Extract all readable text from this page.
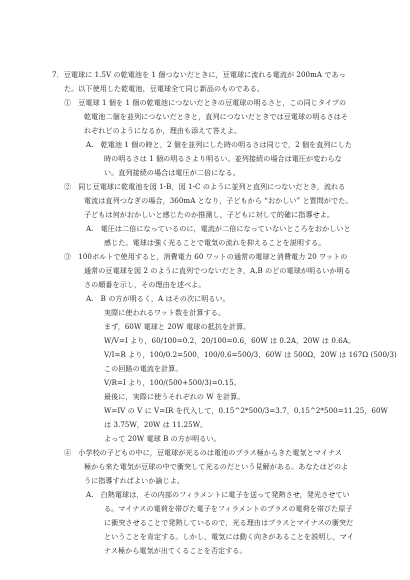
7．豆電球に 1.5V の乾電池を 1 個つないだときに，豆電球に流れる電流が 200mA であっ
た。以下使用した乾電池，豆電球全て同じ新品のものである。
①　豆電球 1 個を 1 個の乾電池につないだときの豆電球の明るさと，この同じタイプの
乾電池二個を並列につないだときと，直列につないだときでは豆電球の明るさはそ
れぞれどのようになるか，理由も添えて答えよ。
A.　乾電池 1 個の時と，2 個を並列にした時の明るさは同じで，2 個を直列にした
時の明るさは 1 個の明るさより明るい。並列接続の場合は電圧が変わらな
い。直列接続の場合は電圧が二倍になる。
②　同じ豆電球に乾電池を図 1-B，図 1-C のように並列と直列につないだとき，流れる
電流は直列つなぎの場合，360mA となり，子どもから “おかしい” と質問がでた。
子どもは何がおかしいと感じたのか推測し，子どもに対して的確に指導せよ。
A.　電圧は二倍になっているのに，電流が二倍になっていないところをおかしいと
感じた。電球は強く光ることで電気の流れを抑えることを説明する。
③　100ボルトで使用すると，消費電力 60 ワットの通常の電球と消費電力 20 ワットの
通常の豆電球を図 2 のように直列でつないだとき，A,B のどの電球が明るいか明る
さの順番を示し，その理由を述べよ。
A.　B の方が明るく，A はその次に明るい。
実際に使われるワット数を計算する。
まず，60W 電球と 20W 電球の抵抗を計算。
W/V=I より，60/100=0.2，20/100=0.6，60W は 0.2A，20W は 0.6A。
V/I=R より，100/0.2=500，100/0.6=500/3，60W は 500Ω，20W は 167Ω (500/3)
この回路の電流を計算。
V/R=I より，100/(500+500/3)=0.15。
最後に，実際に使うそれぞれの W を計算。
W=IV の V に V=IR を代入して，0.15^2*500/3=3.7，0.15^2*500=11.25，60W
は 3.75W，20W は 11.25W。
よって 20W 電球 B の方が明るい。
④　小学校の子どもの中に，豆電球が光るのは電池のプラス極からきた電気とマイナス
極から来た電気が豆球の中で衝突して光るのだという見解がある。あなたはどのよ
うに指導すればよいか論じよ。
A.　白熱電球は，その内部のフィラメントに電子を送って発熱させ，発光させてい
る。マイナスの電荷を帯びた電子をフィラメントのプラスの電荷を帯びた原子
に衝突させることで発熱しているので，光る理由はプラスとマイナスの衝突だ
ということを肯定する。しかし，電気には動く向きがあることを説明し，マイ
ナス極から電気が出てくることを否定する。
